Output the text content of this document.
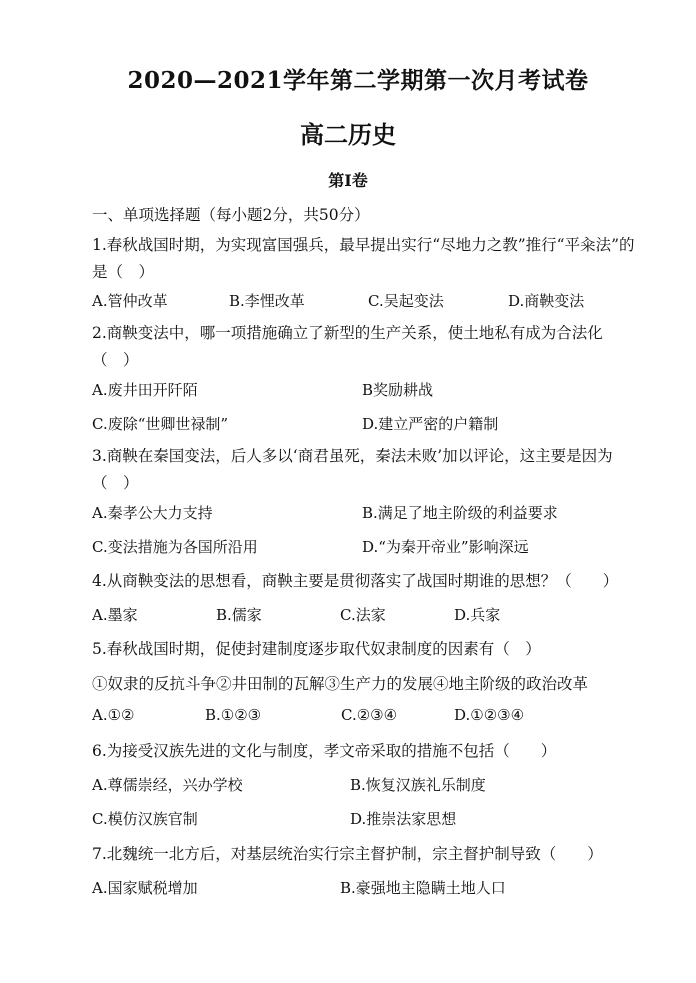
2020—2021学年第二学期第一次月考试卷
高二历史
第I卷
一、单项选择题（每小题2分，共50分）
1.春秋战国时期，为实现富国强兵，最早提出实行“尽地力之教”推行“平籴法”的是（　）
A.管仲改革	B.李悝改革	C.吴起变法	D.商鞅变法
2.商鞅变法中，哪一项措施确立了新型的生产关系，使土地私有成为合法化（　）
A.废井田开阡陌	B奖励耕战
C.废除“世卿世禄制”	D.建立严密的户籍制
3.商鞅在秦国变法，后人多以‘商君虽死，秦法未败’加以评论，这主要是因为（　）
A.秦孝公大力支持	B.满足了地主阶级的利益要求
C.变法措施为各国所沿用	D.“为秦开帝业”影响深远
4.从商鞅变法的思想看，商鞅主要是贯彻落实了战国时期谁的思想？（　　）
A.墨家	B.儒家	C.法家	D.兵家
5.春秋战国时期，促使封建制度逐步取代奴隶制度的因素有（　）
①奴隶的反抗斗争②井田制的瓦解③生产力的发展④地主阶级的政治改革
A.①②	B.①②③	C.②③④	D.①②③④
6.为接受汉族先进的文化与制度，孝文帝采取的措施不包括（　　）
A.尊儒崇经，兴办学校	B.恢复汉族礼乐制度
C.模仿汉族官制	D.推崇法家思想
7.北魏统一北方后，对基层统治实行宗主督护制，宗主督护制导致（　　）
A.国家赋税增加	B.豪强地主隐瞒土地人口
